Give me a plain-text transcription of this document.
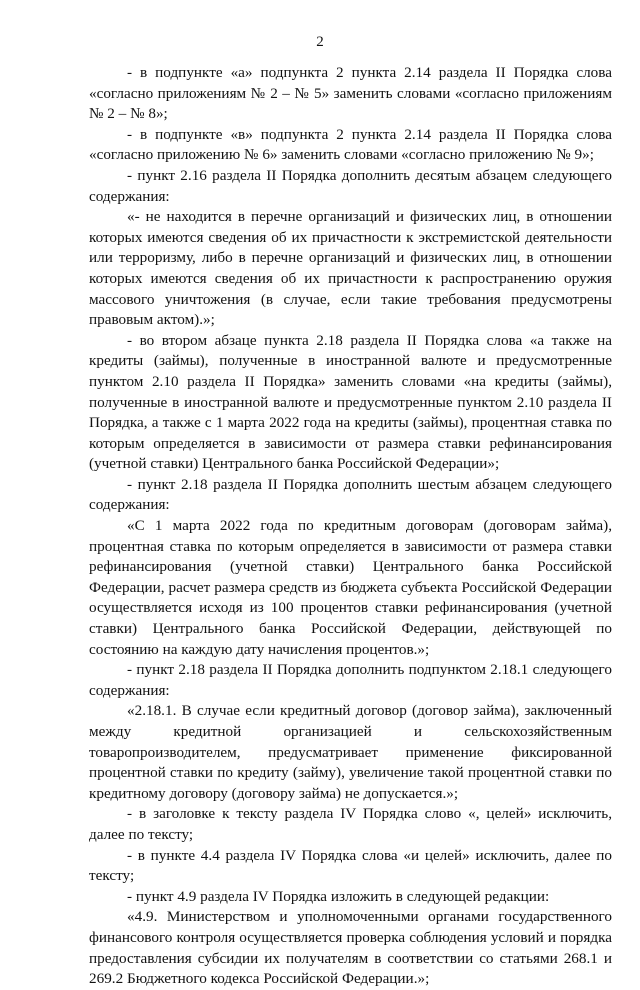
2

- в подпункте «а» подпункта 2 пункта 2.14 раздела II Порядка слова «согласно приложениям № 2 – № 5» заменить словами «согласно приложениям № 2 – № 8»;

- в подпункте «в» подпункта 2 пункта 2.14 раздела II Порядка слова «согласно приложению № 6» заменить словами «согласно приложению № 9»;

- пункт 2.16 раздела II Порядка дополнить десятым абзацем следующего содержания:

«- не находится в перечне организаций и физических лиц, в отношении которых имеются сведения об их причастности к экстремистской деятельности или терроризму, либо в перечне организаций и физических лиц, в отношении которых имеются сведения об их причастности к распространению оружия массового уничтожения (в случае, если такие требования предусмотрены правовым актом).»;

- во втором абзаце пункта 2.18 раздела II Порядка слова «а также на кредиты (займы), полученные в иностранной валюте и предусмотренные пунктом 2.10 раздела II Порядка» заменить словами «на кредиты (займы), полученные в иностранной валюте и предусмотренные пунктом 2.10 раздела II Порядка, а также с 1 марта 2022 года на кредиты (займы), процентная ставка по которым определяется в зависимости от размера ставки рефинансирования (учетной ставки) Центрального банка Российской Федерации»;

- пункт 2.18 раздела II Порядка дополнить шестым абзацем следующего содержания:

«С 1 марта 2022 года по кредитным договорам (договорам займа), процентная ставка по которым определяется в зависимости от размера ставки рефинансирования (учетной ставки) Центрального банка Российской Федерации, расчет размера средств из бюджета субъекта Российской Федерации осуществляется исходя из 100 процентов ставки рефинансирования (учетной ставки) Центрального банка Российской Федерации, действующей по состоянию на каждую дату начисления процентов.»;

- пункт 2.18 раздела II Порядка дополнить подпунктом 2.18.1 следующего содержания:

«2.18.1. В случае если кредитный договор (договор займа), заключенный между кредитной организацией и сельскохозяйственным товаропроизводителем, предусматривает применение фиксированной процентной ставки по кредиту (займу), увеличение такой процентной ставки по кредитному договору (договору займа) не допускается.»;

- в заголовке к тексту раздела IV Порядка слово «, целей» исключить, далее по тексту;

- в пункте 4.4 раздела IV Порядка слова «и целей» исключить, далее по тексту;

- пункт 4.9 раздела IV Порядка изложить в следующей редакции:

«4.9. Министерством и уполномоченными органами государственного финансового контроля осуществляется проверка соблюдения условий и порядка предоставления субсидии их получателям в соответствии со статьями 268.1 и 269.2 Бюджетного кодекса Российской Федерации.»;
